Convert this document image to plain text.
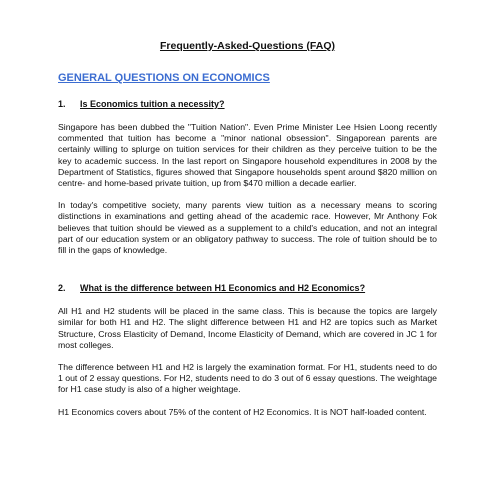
Frequently-Asked-Questions (FAQ)
GENERAL QUESTIONS ON ECONOMICS
1. Is Economics tuition a necessity?

Singapore has been dubbed the "Tuition Nation". Even Prime Minister Lee Hsien Loong recently commented that tuition has become a "minor national obsession". Singaporean parents are certainly willing to splurge on tuition services for their children as they perceive tuition to be the key to academic success. In the last report on Singapore household expenditures in 2008 by the Department of Statistics, figures showed that Singapore households spent around $820 million on centre- and home-based private tuition, up from $470 million a decade earlier.

In today's competitive society, many parents view tuition as a necessary means to scoring distinctions in examinations and getting ahead of the academic race. However, Mr Anthony Fok believes that tuition should be viewed as a supplement to a child's education, and not an integral part of our education system or an obligatory pathway to success. The role of tuition should be to fill in the gaps of knowledge.

2. What is the difference between H1 Economics and H2 Economics?

All H1 and H2 students will be placed in the same class. This is because the topics are largely similar for both H1 and H2. The slight difference between H1 and H2 are topics such as Market Structure, Cross Elasticity of Demand, Income Elasticity of Demand, which are covered in JC 1 for most colleges.

The difference between H1 and H2 is largely the examination format. For H1, students need to do 1 out of 2 essay questions. For H2, students need to do 3 out of 6 essay questions. The weightage for H1 case study is also of a higher weightage.

H1 Economics covers about 75% of the content of H2 Economics. It is NOT half-loaded content.
